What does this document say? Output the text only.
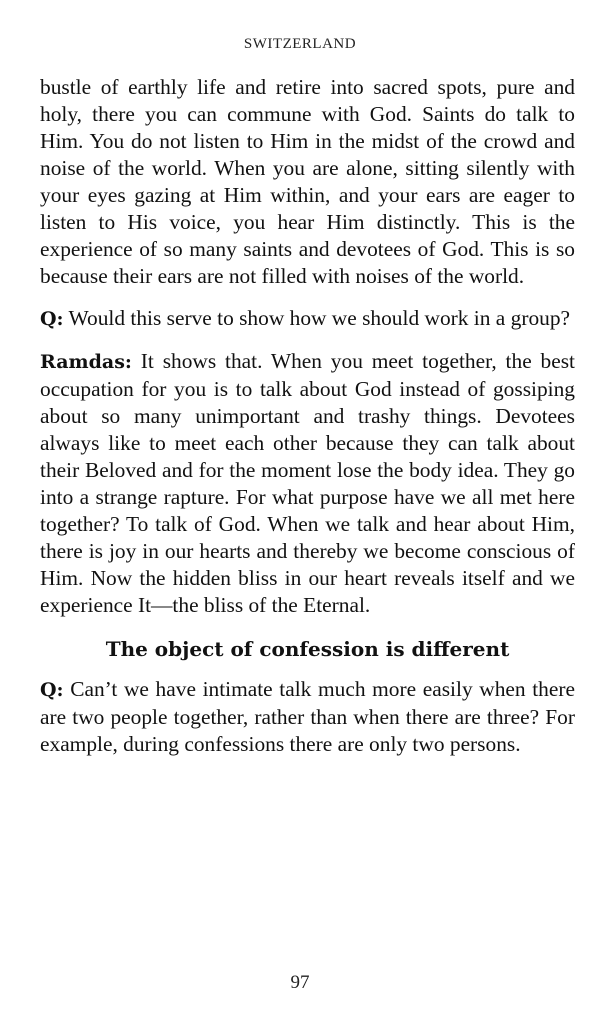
SWITZERLAND

bustle of earthly life and retire into sacred spots, pure and holy, there you can commune with God. Saints do talk to Him. You do not listen to Him in the midst of the crowd and noise of the world. When you are alone, sitting silently with your eyes gazing at Him within, and your ears are eager to listen to His voice, you hear Him distinctly. This is the experience of so many saints and devotees of God. This is so because their ears are not filled with noises of the world.

Q: Would this serve to show how we should work in a group?

Ramdas: It shows that. When you meet together, the best occupation for you is to talk about God instead of gossiping about so many unimportant and trashy things. Devotees always like to meet each other because they can talk about their Beloved and for the moment lose the body idea. They go into a strange rapture. For what purpose have we all met here together? To talk of God. When we talk and hear about Him, there is joy in our hearts and thereby we become conscious of Him. Now the hidden bliss in our heart reveals itself and we experience It—the bliss of the Eternal.

The object of confession is different

Q: Can’t we have intimate talk much more easily when there are two people together, rather than when there are three? For example, during confessions there are only two persons.

97
